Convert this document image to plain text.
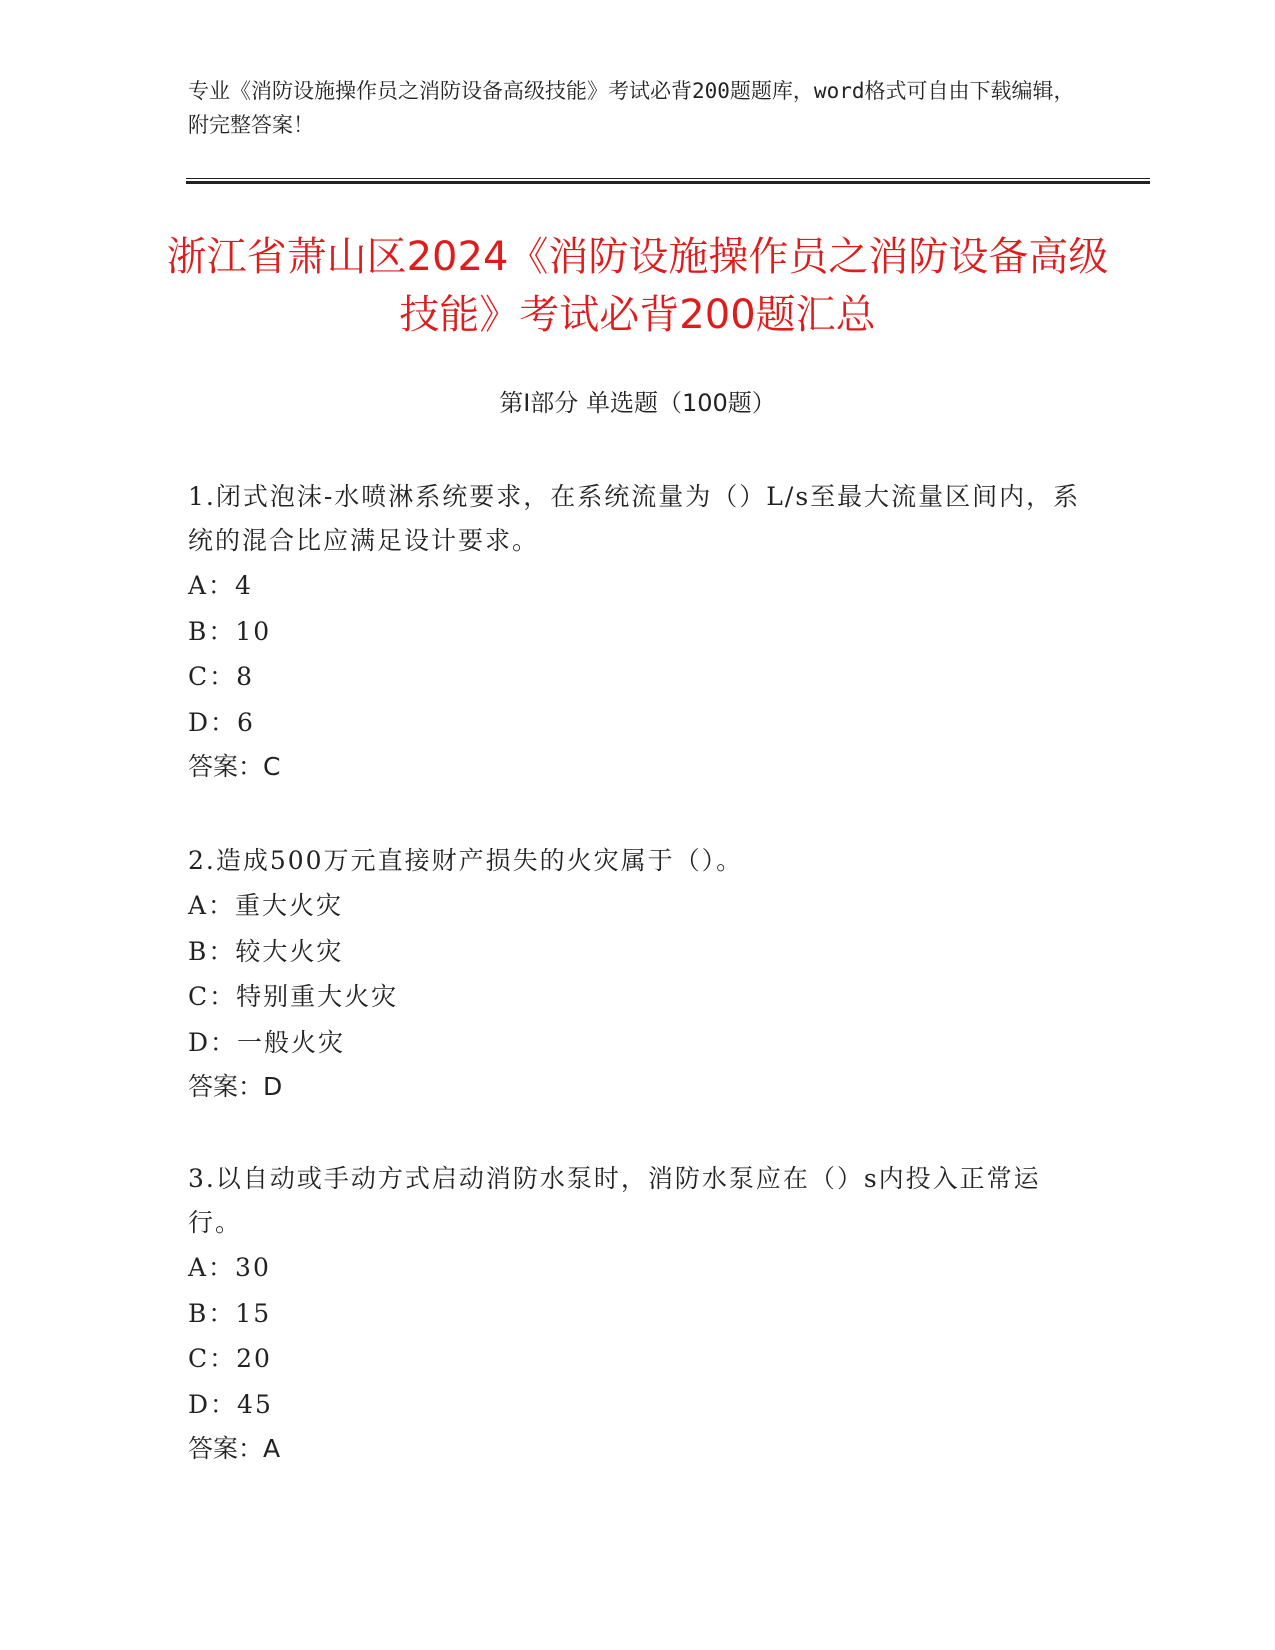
专业《消防设施操作员之消防设备高级技能》考试必背200题题库，word格式可自由下载编辑，附完整答案！
浙江省萧山区2024《消防设施操作员之消防设备高级技能》考试必背200题汇总
第Ⅰ部分 单选题（100题）
1.闭式泡沫-水喷淋系统要求，在系统流量为（）L/s至最大流量区间内，系统的混合比应满足设计要求。
A：4
B：10
C：8
D：6
答案：C
2.造成500万元直接财产损失的火灾属于（）。
A：重大火灾
B：较大火灾
C：特别重大火灾
D：一般火灾
答案：D
3.以自动或手动方式启动消防水泵时，消防水泵应在（）s内投入正常运行。
A：30
B：15
C：20
D：45
答案：A
